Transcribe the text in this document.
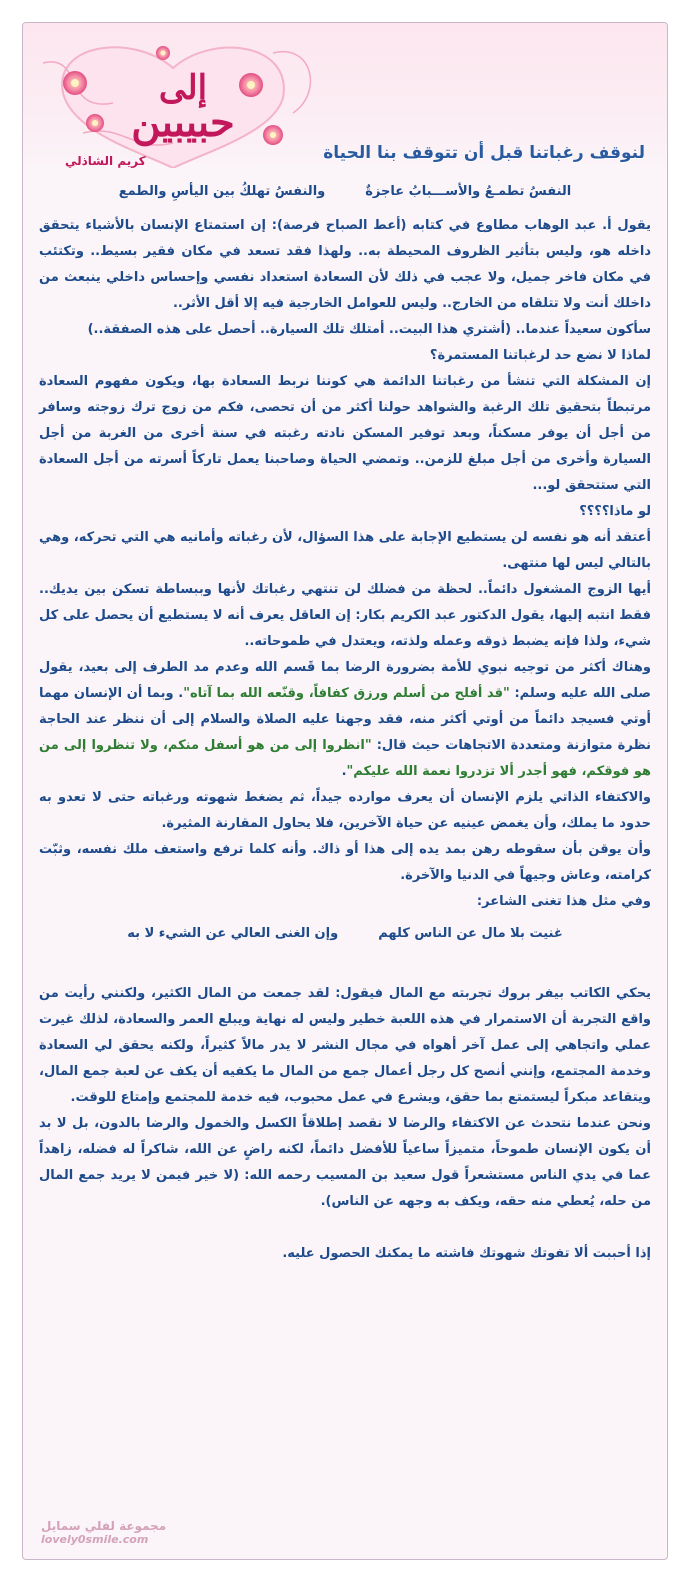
إلى
حبيبين
كريم الشاذلي	لنوقف رغباتنا قبل أن تتوقف بنا الحياة
النفسُ تطمـعُ والأســـبابُ عاجزةٌ
والنفسُ تهلكُ بين اليأسِ والطمع

يقول أ. عبد الوهاب مطاوع في كتابه (أعط الصباح فرصة): إن استمتاع الإنسان بالأشياء يتحقق داخله هو، وليس بتأثير الظروف المحيطة به.. ولهذا فقد تسعد في مكان فقير بسيط.. وتكتئب في مكان فاخر جميل، ولا عجب في ذلك لأن السعادة استعداد نفسي وإحساس داخلي ينبعث من داخلك أنت ولا تتلقاه من الخارج.. وليس للعوامل الخارجية فيه إلا أقل الأثر..

سأكون سعيداً عندما.. (أشتري هذا البيت.. أمتلك تلك السيارة.. أحصل على هذه الصفقة..)

لماذا لا نضع حد لرغباتنا المستمرة؟

إن المشكلة التي تنشأ من رغباتنا الدائمة هي كوننا نربط السعادة بها، ويكون مفهوم السعادة مرتبطاً بتحقيق تلك الرغبة والشواهد حولنا أكثر من أن تحصى، فكم من زوج ترك زوجته وسافر من أجل أن يوفر مسكناً، وبعد توفير المسكن نادته رغبته في سنة أخرى من الغربة من أجل السيارة وأخرى من أجل مبلغ للزمن.. وتمضي الحياة وصاحبنا يعمل تاركاً أسرته من أجل السعادة التي ستتحقق لو...

لو ماذا؟؟؟؟

أعتقد أنه هو نفسه لن يستطيع الإجابة على هذا السؤال، لأن رغباته وأمانيه هي التي تحركه، وهي بالتالي ليس لها منتهى.

أيها الزوج المشغول دائماً.. لحظة من فضلك لن تنتهي رغباتك لأنها وببساطة تسكن بين يديك.. فقط انتبه إليها، يقول الدكتور عبد الكريم بكار: إن العاقل يعرف أنه لا يستطيع أن يحصل على كل شيء، ولذا فإنه يضبط ذوقه وعمله ولذته، ويعتدل في طموحاته..

وهناك أكثر من توجيه نبوي للأمة بضرورة الرضا بما قَسم الله وعدم مد الطرف إلى بعيد، يقول صلى الله عليه وسلم: "قد أفلح من أسلم ورزق كفافاً، وقنّعه الله بما آتاه". وبما أن الإنسان مهما أوتي فسيجد دائماً من أوتي أكثر منه، فقد وجهنا عليه الصلاة والسلام إلى أن ننظر عند الحاجة نظرة متوازنة ومتعددة الاتجاهات حيث قال: "انظروا إلى من هو أسفل منكم، ولا تنظروا إلى من هو فوقكم، فهو أجدر ألا تزدروا نعمة الله عليكم".

والاكتفاء الذاتي يلزم الإنسان أن يعرف موارده جيداً، ثم يضغط شهوته ورغباته حتى لا تعدو به حدود ما يملك، وأن يغمض عينيه عن حياة الآخرين، فلا يحاول المقارنة المثيرة.

وأن يوقن بأن سقوطه رهن بمد يده إلى هذا أو ذاك. وأنه كلما ترفع واستعف ملك نفسه، وثبّت كرامته، وعاش وجيهاً في الدنيا والآخرة.

وفي مثل هذا تغنى الشاعر:

غنيت بلا مال عن الناس كلهم
وإن الغنى العالي عن الشيء لا به

يحكي الكاتب بيفر بروك تجربته مع المال فيقول: لقد جمعت من المال الكثير، ولكنني رأيت من واقع التجربة أن الاستمرار في هذه اللعبة خطير وليس له نهاية ويبلع العمر والسعادة، لذلك غيرت عملي واتجاهي إلى عمل آخر أهواه في مجال النشر لا يدر مالاً كثيراً، ولكنه يحقق لي السعادة وخدمة المجتمع، وإنني أنصح كل رجل أعمال جمع من المال ما يكفيه أن يكف عن لعبة جمع المال، ويتقاعد مبكراً ليستمتع بما حقق، ويشرع في عمل محبوب، فيه خدمة للمجتمع وإمتاع للوقت.

ونحن عندما نتحدث عن الاكتفاء والرضا لا نقصد إطلاقاً الكسل والخمول والرضا بالدون، بل لا بد أن يكون الإنسان طموحاً، متميزاً ساعياً للأفضل دائماً، لكنه راضٍ عن الله، شاكراً له فضله، زاهداً عما في يدي الناس مستشعراً قول سعيد بن المسيب رحمه الله: (لا خير فيمن لا يريد جمع المال من حله، يُعطي منه حقه، ويكف به وجهه عن الناس).

إذا أحببت ألا تفوتك شهوتك فاشته ما يمكنك الحصول عليه.

مجموعة لفلي سمايل
lovely0smile.com
